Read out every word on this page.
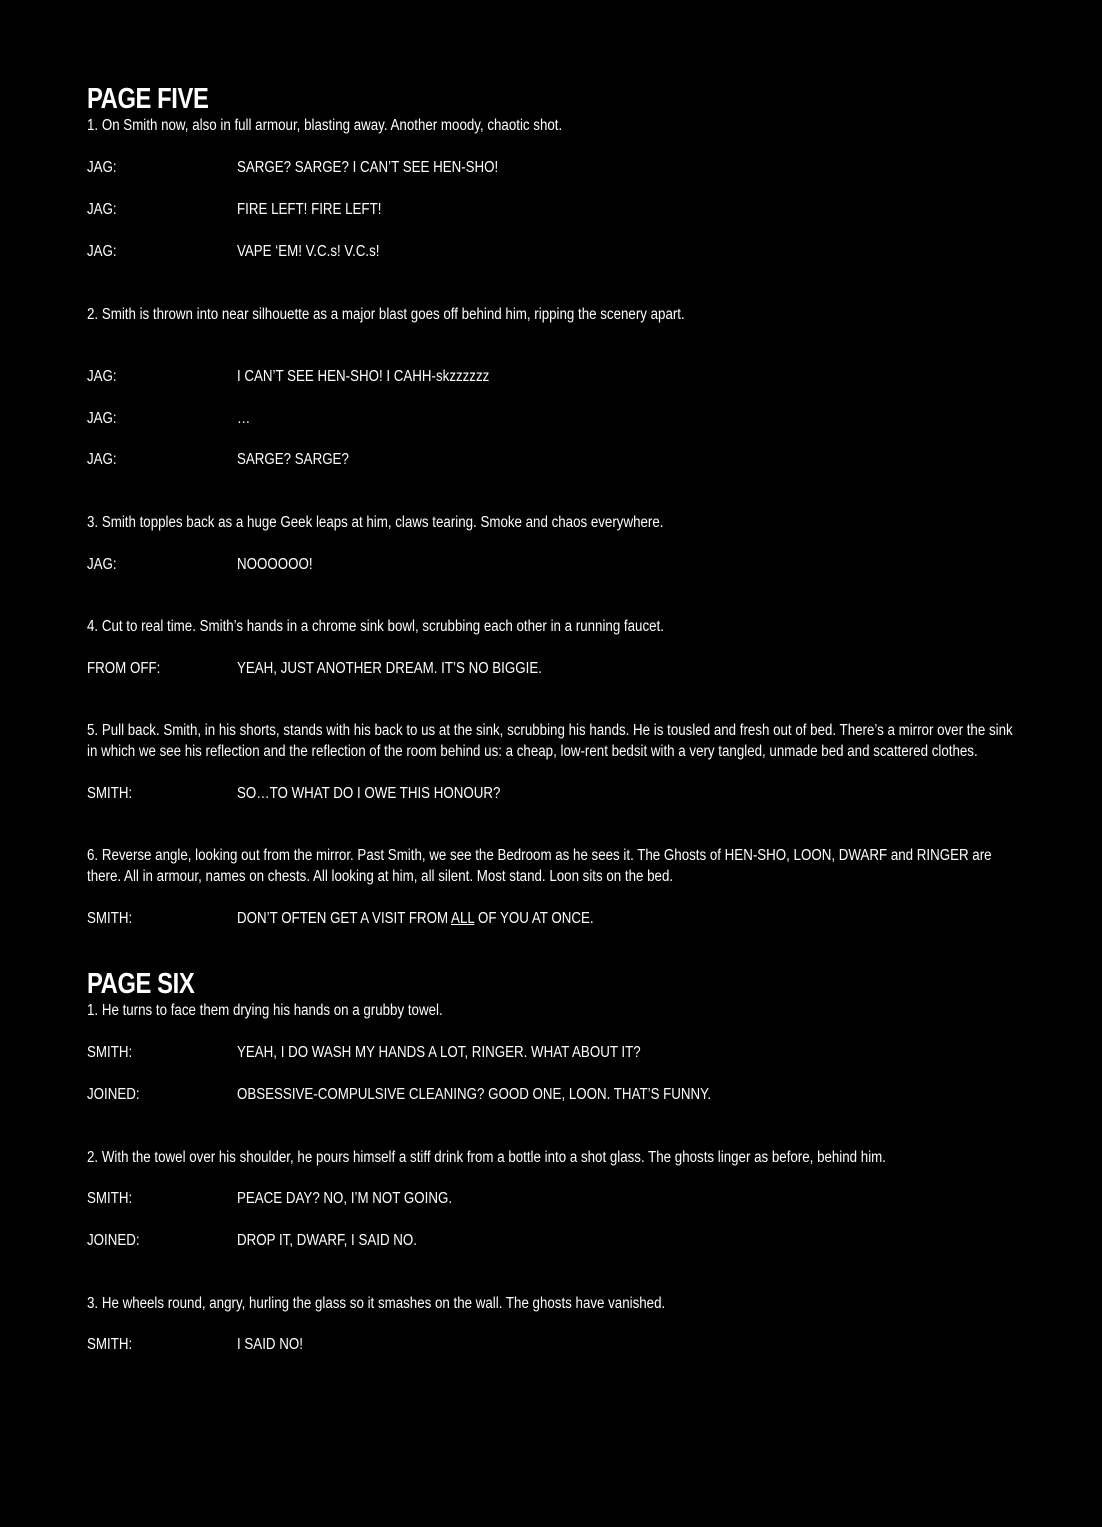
PAGE FIVE
1. On Smith now, also in full armour, blasting away. Another moody, chaotic shot.
JAG:	SARGE? SARGE? I CAN’T SEE HEN-SHO!
JAG:	FIRE LEFT! FIRE LEFT!
JAG:	VAPE ‘EM! V.C.s! V.C.s!
2. Smith is thrown into near silhouette as a major blast goes off behind him, ripping the scenery apart.
JAG:	I CAN’T SEE HEN-SHO! I CAHH-skzzzzzz
JAG:	…
JAG:	SARGE? SARGE?
3. Smith topples back as a huge Geek leaps at him, claws tearing. Smoke and chaos everywhere.
JAG:	NOOOOOO!
4. Cut to real time. Smith’s hands in a chrome sink bowl, scrubbing each other in a running faucet.
FROM OFF:	YEAH, JUST ANOTHER DREAM. IT’S NO BIGGIE.
5. Pull back. Smith, in his shorts, stands with his back to us at the sink, scrubbing his hands. He is tousled and fresh out of bed. There’s a mirror over the sink in which we see his reflection and the reflection of the room behind us: a cheap, low-rent bedsit with a very tangled, unmade bed and scattered clothes.
SMITH:	SO…TO WHAT DO I OWE THIS HONOUR?
6. Reverse angle, looking out from the mirror. Past Smith, we see the Bedroom as he sees it. The Ghosts of HEN-SHO, LOON, DWARF and RINGER are there. All in armour, names on chests. All looking at him, all silent. Most stand. Loon sits on the bed.
SMITH:	DON’T OFTEN GET A VISIT FROM ALL OF YOU AT ONCE.
PAGE SIX
1. He turns to face them drying his hands on a grubby towel.
SMITH:	YEAH, I DO WASH MY HANDS A LOT, RINGER. WHAT ABOUT IT?
JOINED:	OBSESSIVE-COMPULSIVE CLEANING? GOOD ONE, LOON. THAT’S FUNNY.
2. With the towel over his shoulder, he pours himself a stiff drink from a bottle into a shot glass. The ghosts linger as before, behind him.
SMITH:	PEACE DAY? NO, I’M NOT GOING.
JOINED:	DROP IT, DWARF, I SAID NO.
3. He wheels round, angry, hurling the glass so it smashes on the wall. The ghosts have vanished.
SMITH:	I SAID NO!
